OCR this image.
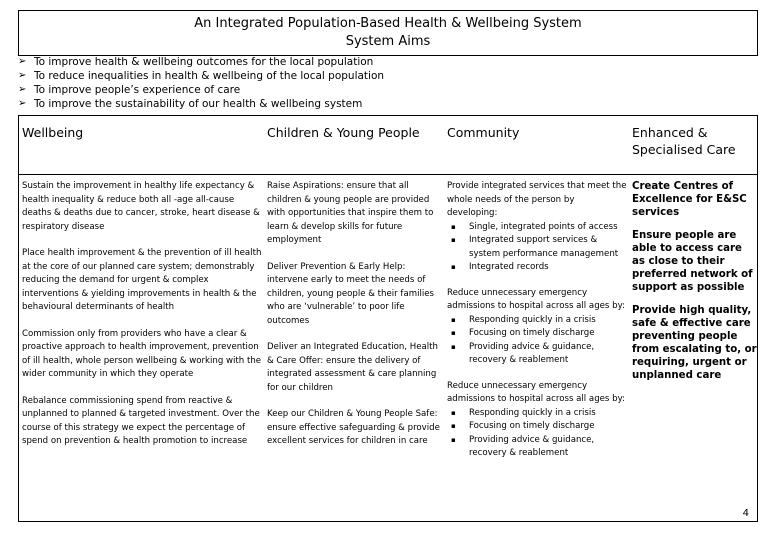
An Integrated Population-Based Health & Wellbeing System
System Aims
➢ To improve health & wellbeing outcomes for the local population
➢ To reduce inequalities in health & wellbeing of the local population
➢ To improve people’s experience of care
➢ To improve the sustainability of our health & wellbeing system
Wellbeing

Sustain the improvement in healthy life expectancy & health inequality & reduce both all -age all-cause deaths & deaths due to cancer, stroke, heart disease & respiratory disease

Place health improvement & the prevention of ill health at the core of our planned care system; demonstrably reducing the demand for urgent & complex interventions & yielding improvements in health & the behavioural determinants of health

Commission only from providers who have a clear & proactive approach to health improvement, prevention of ill health, whole person wellbeing & working with the wider community in which they operate

Rebalance commissioning spend from reactive & unplanned to planned & targeted investment. Over the course of this strategy we expect the percentage of spend on prevention & health promotion to increase

Children & Young People

Raise Aspirations: ensure that all children & young people are provided with opportunities that inspire them to learn & develop skills for future employment

Deliver Prevention & Early Help: intervene early to meet the needs of children, young people & their families who are ‘vulnerable’ to poor life outcomes

Deliver an Integrated Education, Health & Care Offer: ensure the delivery of integrated assessment & care planning for our children

Keep our Children & Young People Safe: ensure effective safeguarding & provide excellent services for children in care

Community
Provide integrated services that meet the whole needs of the person by developing:
▪	Single, integrated points of access
▪	Integrated support services & system performance management
▪	Integrated records
Reduce unnecessary emergency admissions to hospital across all ages by:
▪	Responding quickly in a crisis
▪	Focusing on timely discharge
▪	Providing advice & guidance, recovery & reablement
Reduce unnecessary emergency admissions to hospital across all ages by:
▪	Responding quickly in a crisis
▪	Focusing on timely discharge
▪	Providing advice & guidance, recovery & reablement
Enhanced & Specialised Care

Create Centres of Excellence for E&SC services

Ensure people are able to access care as close to their preferred network of support as possible

Provide high quality, safe & effective care preventing people from escalating to, or requiring, urgent or unplanned care

4
